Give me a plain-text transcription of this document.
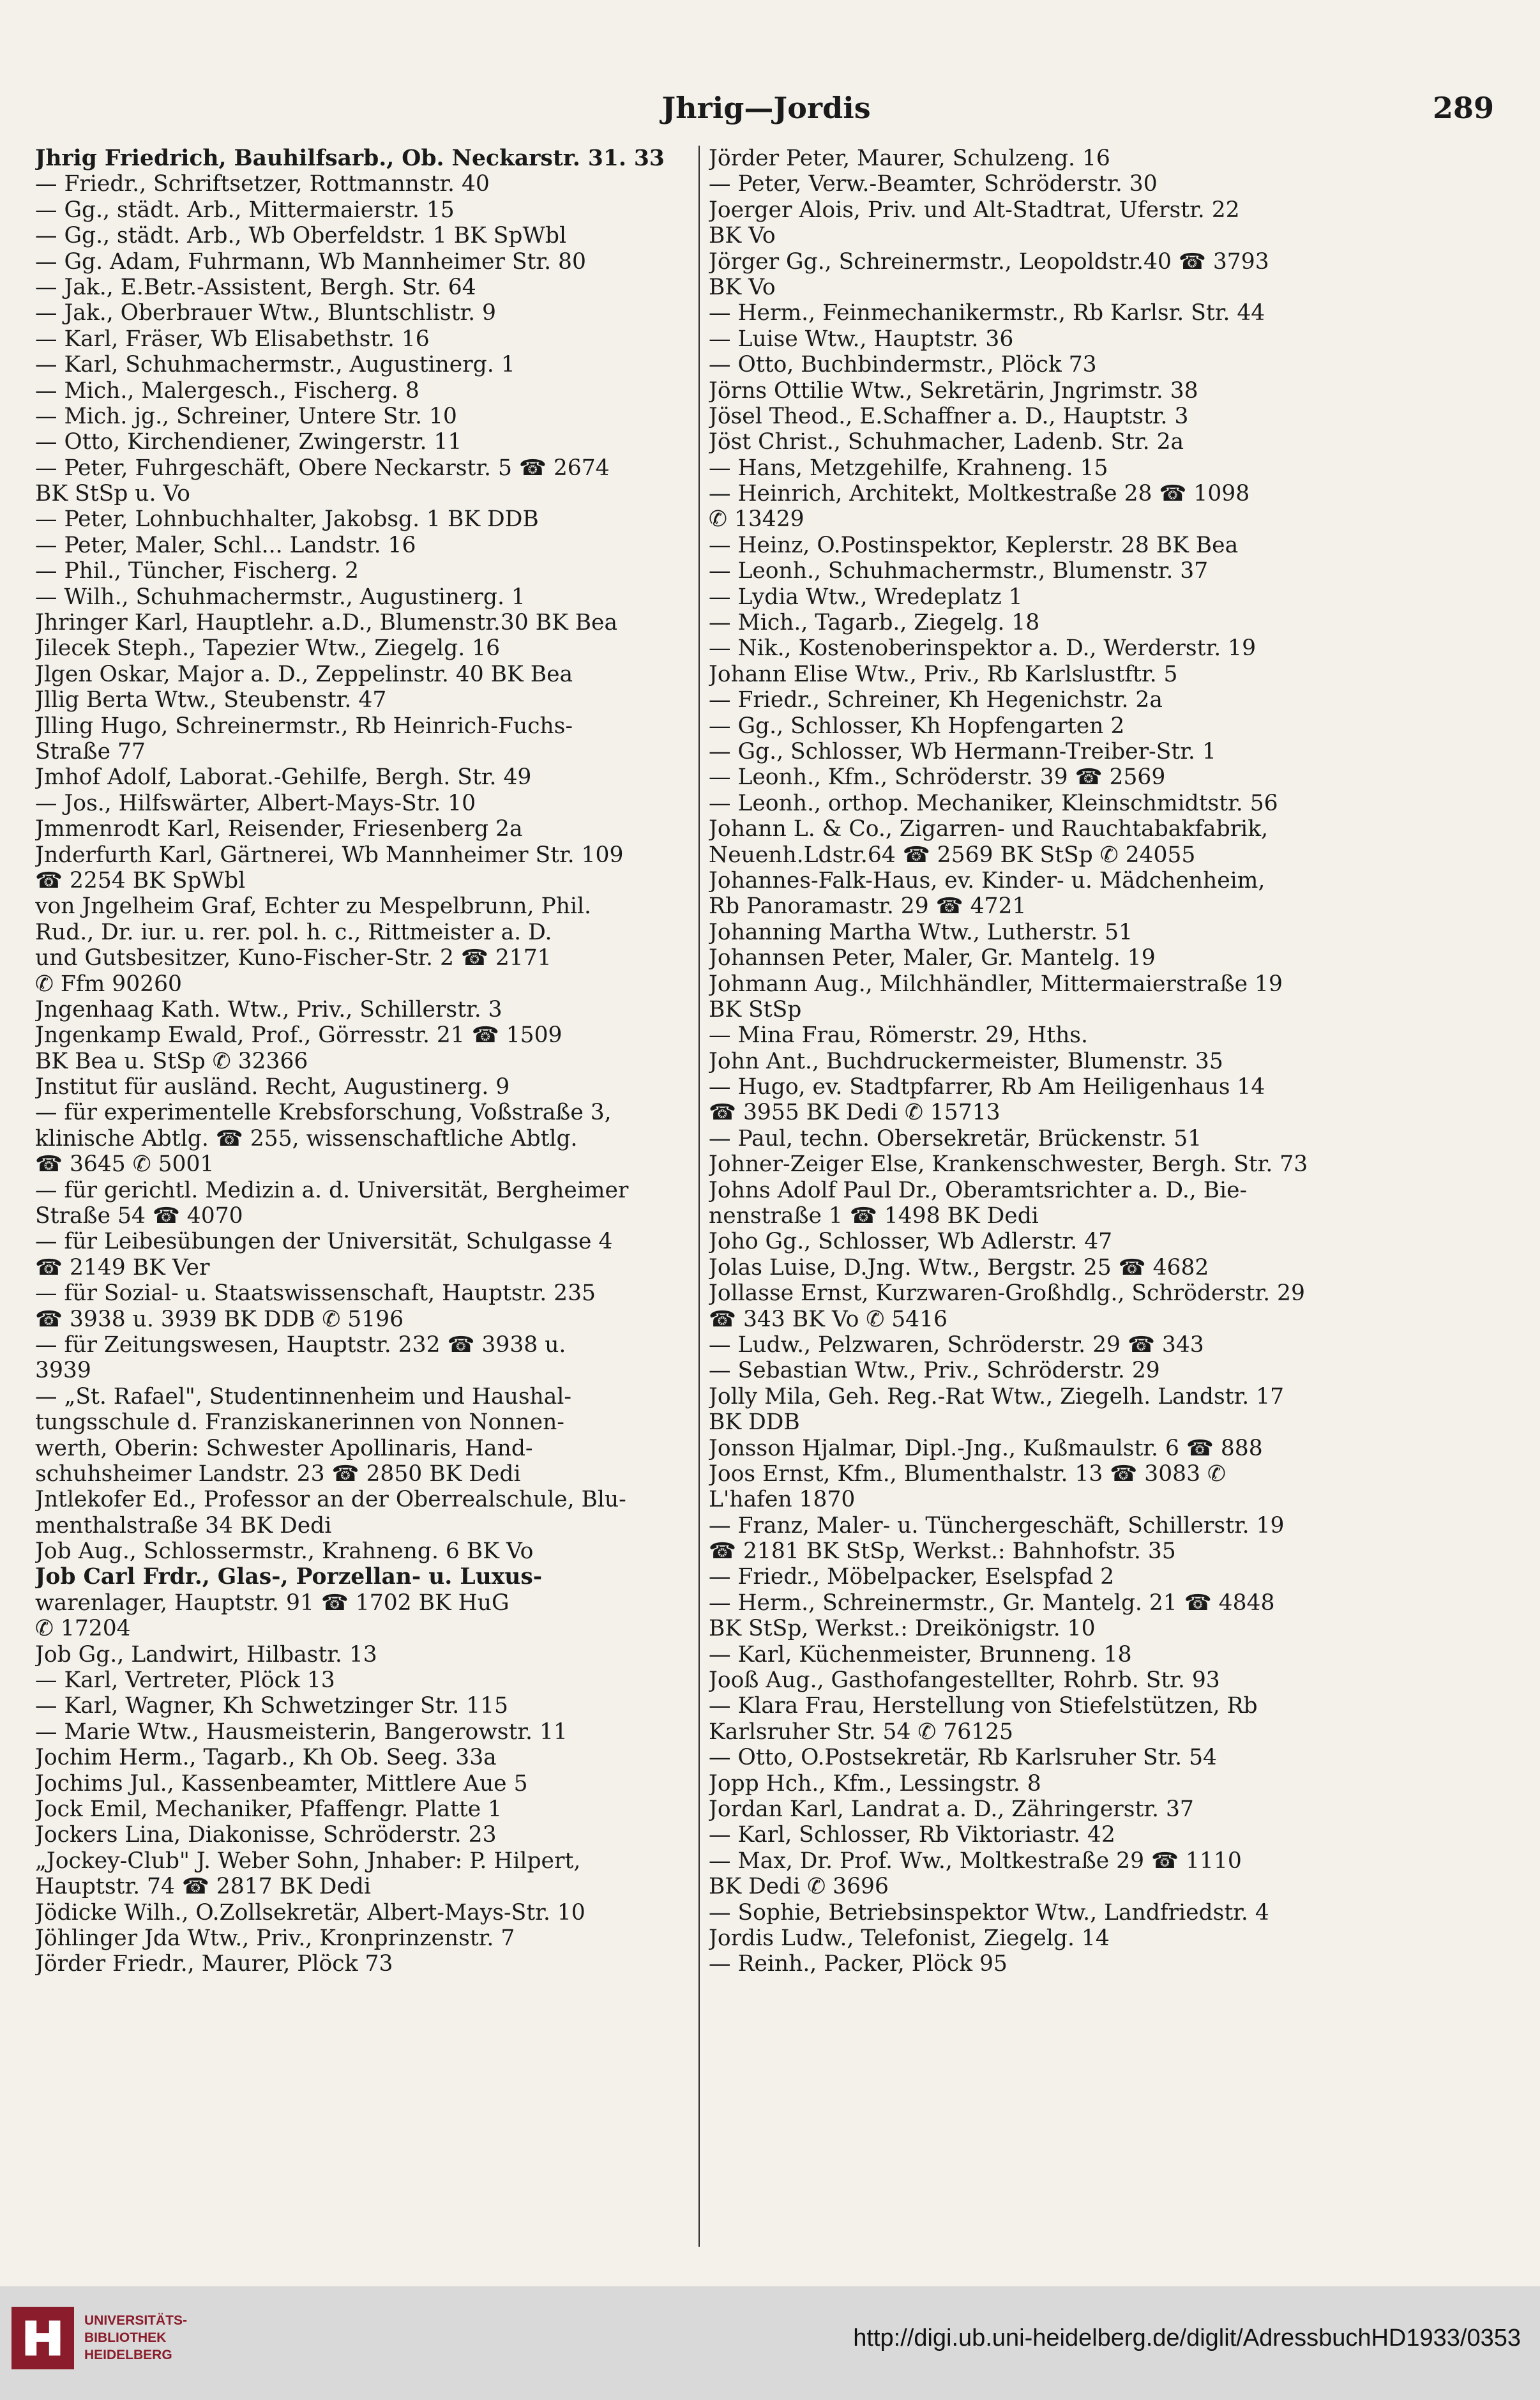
Jhrig—Jordis	289
Jhrig Friedrich, Bauhilfsarb., Ob. Neckarstr. 31. 33
— Friedr., Schriftsetzer, Rottmannstr. 40
— Gg., städt. Arb., Mittermaierstr. 15
— Gg., städt. Arb., Wb Oberfeldstr. 1 BK SpWbl
— Gg. Adam, Fuhrmann, Wb Mannheimer Str. 80
— Jak., E.Betr.-Assistent, Bergh. Str. 64
— Jak., Oberbrauer Wtw., Bluntschlistr. 9
— Karl, Fräser, Wb Elisabethstr. 16
— Karl, Schuhmachermstr., Augustinerg. 1
— Mich., Malergesch., Fischerg. 8
— Mich. jg., Schreiner, Untere Str. 10
— Otto, Kirchendiener, Zwingerstr. 11
— Peter, Fuhrgeschäft, Obere Neckarstr. 5 ☎ 2674
BK StSp u. Vo
— Peter, Lohnbuchhalter, Jakobsg. 1 BK DDB
— Peter, Maler, Schl... Landstr. 16
— Phil., Tüncher, Fischerg. 2
— Wilh., Schuhmachermstr., Augustinerg. 1
Jhringer Karl, Hauptlehr. a.D., Blumenstr.30 BK Bea
Jilecek Steph., Tapezier Wtw., Ziegelg. 16
Jlgen Oskar, Major a. D., Zeppelinstr. 40 BK Bea
Jllig Berta Wtw., Steubenstr. 47
Jlling Hugo, Schreinermstr., Rb Heinrich-Fuchs-
Straße 77
Jmhof Adolf, Laborat.-Gehilfe, Bergh. Str. 49
— Jos., Hilfswärter, Albert-Mays-Str. 10
Jmmenrodt Karl, Reisender, Friesenberg 2a
Jnderfurth Karl, Gärtnerei, Wb Mannheimer Str. 109
☎ 2254 BK SpWbl
von Jngelheim Graf, Echter zu Mespelbrunn, Phil.
Rud., Dr. iur. u. rer. pol. h. c., Rittmeister a. D.
und Gutsbesitzer, Kuno-Fischer-Str. 2 ☎ 2171
✆ Ffm 90260
Jngenhaag Kath. Wtw., Priv., Schillerstr. 3
Jngenkamp Ewald, Prof., Görresstr. 21 ☎ 1509
BK Bea u. StSp ✆ 32366
Jnstitut für ausländ. Recht, Augustinerg. 9
— für experimentelle Krebsforschung, Voßstraße 3,
klinische Abtlg. ☎ 255, wissenschaftliche Abtlg.
☎ 3645 ✆ 5001
— für gerichtl. Medizin a. d. Universität, Bergheimer
Straße 54 ☎ 4070
— für Leibesübungen der Universität, Schulgasse 4
☎ 2149 BK Ver
— für Sozial- u. Staatswissenschaft, Hauptstr. 235
☎ 3938 u. 3939 BK DDB ✆ 5196
— für Zeitungswesen, Hauptstr. 232 ☎ 3938 u.
3939
— „St. Rafael", Studentinnenheim und Haushal-
tungsschule d. Franziskanerinnen von Nonnen-
werth, Oberin: Schwester Apollinaris, Hand-
schuhsheimer Landstr. 23 ☎ 2850 BK Dedi
Jntlekofer Ed., Professor an der Oberrealschule, Blu-
menthalstraße 34 BK Dedi
Job Aug., Schlossermstr., Krahneng. 6 BK Vo
Job Carl Frdr., Glas-, Porzellan- u. Luxus-
warenlager, Hauptstr. 91 ☎ 1702 BK HuG
✆ 17204
Job Gg., Landwirt, Hilbastr. 13
— Karl, Vertreter, Plöck 13
— Karl, Wagner, Kh Schwetzinger Str. 115
— Marie Wtw., Hausmeisterin, Bangerowstr. 11
Jochim Herm., Tagarb., Kh Ob. Seeg. 33a
Jochims Jul., Kassenbeamter, Mittlere Aue 5
Jock Emil, Mechaniker, Pfaffengr. Platte 1
Jockers Lina, Diakonisse, Schröderstr. 23
„Jockey-Club" J. Weber Sohn, Jnhaber: P. Hilpert,
Hauptstr. 74 ☎ 2817 BK Dedi
Jödicke Wilh., O.Zollsekretär, Albert-Mays-Str. 10
Jöhlinger Jda Wtw., Priv., Kronprinzenstr. 7
Jörder Friedr., Maurer, Plöck 73
Jörder Peter, Maurer, Schulzeng. 16
— Peter, Verw.-Beamter, Schröderstr. 30
Joerger Alois, Priv. und Alt-Stadtrat, Uferstr. 22
BK Vo
Jörger Gg., Schreinermstr., Leopoldstr.40 ☎ 3793
BK Vo
— Herm., Feinmechanikermstr., Rb Karlsr. Str. 44
— Luise Wtw., Hauptstr. 36
— Otto, Buchbindermstr., Plöck 73
Jörns Ottilie Wtw., Sekretärin, Jngrimstr. 38
Jösel Theod., E.Schaffner a. D., Hauptstr. 3
Jöst Christ., Schuhmacher, Ladenb. Str. 2a
— Hans, Metzgehilfe, Krahneng. 15
— Heinrich, Architekt, Moltkestraße 28 ☎ 1098
✆ 13429
— Heinz, O.Postinspektor, Keplerstr. 28 BK Bea
— Leonh., Schuhmachermstr., Blumenstr. 37
— Lydia Wtw., Wredeplatz 1
— Mich., Tagarb., Ziegelg. 18
— Nik., Kostenoberinspektor a. D., Werderstr. 19
Johann Elise Wtw., Priv., Rb Karlslustftr. 5
— Friedr., Schreiner, Kh Hegenichstr. 2a
— Gg., Schlosser, Kh Hopfengarten 2
— Gg., Schlosser, Wb Hermann-Treiber-Str. 1
— Leonh., Kfm., Schröderstr. 39 ☎ 2569
— Leonh., orthop. Mechaniker, Kleinschmidtstr. 56
Johann L. & Co., Zigarren- und Rauchtabakfabrik,
Neuenh.Ldstr.64 ☎ 2569 BK StSp ✆ 24055
Johannes-Falk-Haus, ev. Kinder- u. Mädchenheim,
Rb Panoramastr. 29 ☎ 4721
Johanning Martha Wtw., Lutherstr. 51
Johannsen Peter, Maler, Gr. Mantelg. 19
Johmann Aug., Milchhändler, Mittermaierstraße 19
BK StSp
— Mina Frau, Römerstr. 29, Hths.
John Ant., Buchdruckermeister, Blumenstr. 35
— Hugo, ev. Stadtpfarrer, Rb Am Heiligenhaus 14
☎ 3955 BK Dedi ✆ 15713
— Paul, techn. Obersekretär, Brückenstr. 51
Johner-Zeiger Else, Krankenschwester, Bergh. Str. 73
Johns Adolf Paul Dr., Oberamtsrichter a. D., Bie-
nenstraße 1 ☎ 1498 BK Dedi
Joho Gg., Schlosser, Wb Adlerstr. 47
Jolas Luise, D.Jng. Wtw., Bergstr. 25 ☎ 4682
Jollasse Ernst, Kurzwaren-Großhdlg., Schröderstr. 29
☎ 343 BK Vo ✆ 5416
— Ludw., Pelzwaren, Schröderstr. 29 ☎ 343
— Sebastian Wtw., Priv., Schröderstr. 29
Jolly Mila, Geh. Reg.-Rat Wtw., Ziegelh. Landstr. 17
BK DDB
Jonsson Hjalmar, Dipl.-Jng., Kußmaulstr. 6 ☎ 888
Joos Ernst, Kfm., Blumenthalstr. 13 ☎ 3083 ✆
L'hafen 1870
— Franz, Maler- u. Tünchergeschäft, Schillerstr. 19
☎ 2181 BK StSp, Werkst.: Bahnhofstr. 35
— Friedr., Möbelpacker, Eselspfad 2
— Herm., Schreinermstr., Gr. Mantelg. 21 ☎ 4848
BK StSp, Werkst.: Dreikönigstr. 10
— Karl, Küchenmeister, Brunneng. 18
Jooß Aug., Gasthofangestellter, Rohrb. Str. 93
— Klara Frau, Herstellung von Stiefelstützen, Rb
Karlsruher Str. 54 ✆ 76125
— Otto, O.Postsekretär, Rb Karlsruher Str. 54
Jopp Hch., Kfm., Lessingstr. 8
Jordan Karl, Landrat a. D., Zähringerstr. 37
— Karl, Schlosser, Rb Viktoriastr. 42
— Max, Dr. Prof. Ww., Moltkestraße 29 ☎ 1110
BK Dedi ✆ 3696
— Sophie, Betriebsinspektor Wtw., Landfriedstr. 4
Jordis Ludw., Telefonist, Ziegelg. 14
— Reinh., Packer, Plöck 95
UNIVERSITÄTS-
BIBLIOTHEK
HEIDELBERG
http://digi.ub.uni-heidelberg.de/diglit/AdressbuchHD1933/0353
